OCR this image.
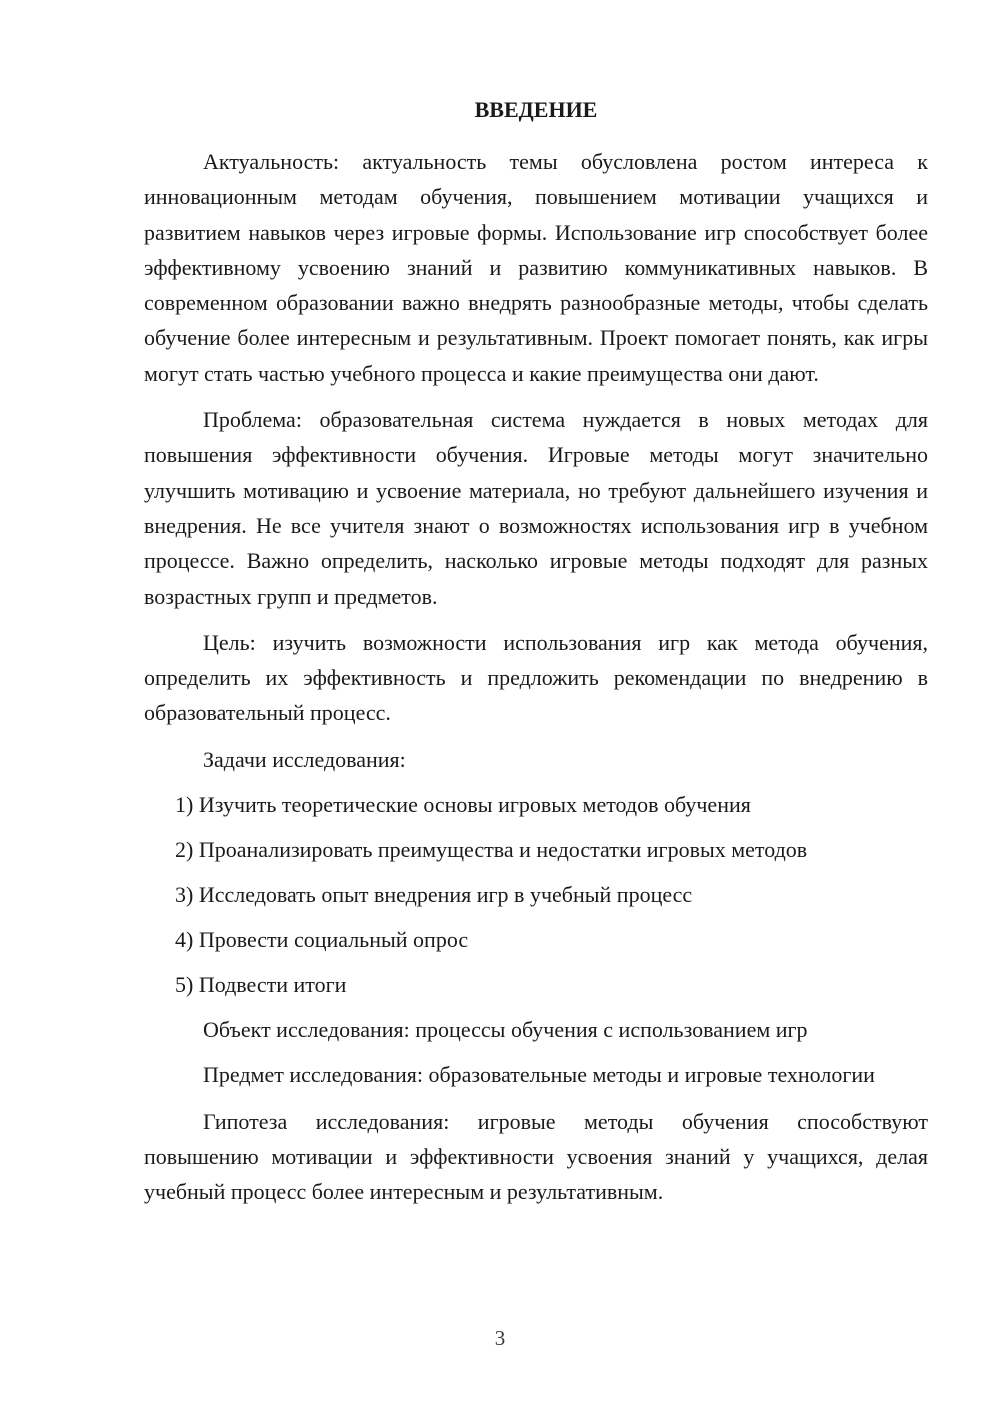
ВВЕДЕНИЕ

Актуальность: актуальность темы обусловлена ростом интереса к инновационным методам обучения, повышением мотивации учащихся и развитием навыков через игровые формы. Использование игр способствует более эффективному усвоению знаний и развитию коммуникативных навыков. В современном образовании важно внедрять разнообразные методы, чтобы сделать обучение более интересным и результативным. Проект помогает понять, как игры могут стать частью учебного процесса и какие преимущества они дают.

Проблема: образовательная система нуждается в новых методах для повышения эффективности обучения. Игровые методы могут значительно улучшить мотивацию и усвоение материала, но требуют дальнейшего изучения и внедрения. Не все учителя знают о возможностях использования игр в учебном процессе. Важно определить, насколько игровые методы подходят для разных возрастных групп и предметов.

Цель: изучить возможности использования игр как метода обучения, определить их эффективность и предложить рекомендации по внедрению в образовательный процесс.

Задачи исследования:

1) Изучить теоретические основы игровых методов обучения
2) Проанализировать преимущества и недостатки игровых методов
3) Исследовать опыт внедрения игр в учебный процесс
4) Провести социальный опрос
5) Подвести итоги

Объект исследования: процессы обучения с использованием игр

Предмет исследования: образовательные методы и игровые технологии

Гипотеза исследования: игровые методы обучения способствуют повышению мотивации и эффективности усвоения знаний у учащихся, делая учебный процесс более интересным и результативным.

3
